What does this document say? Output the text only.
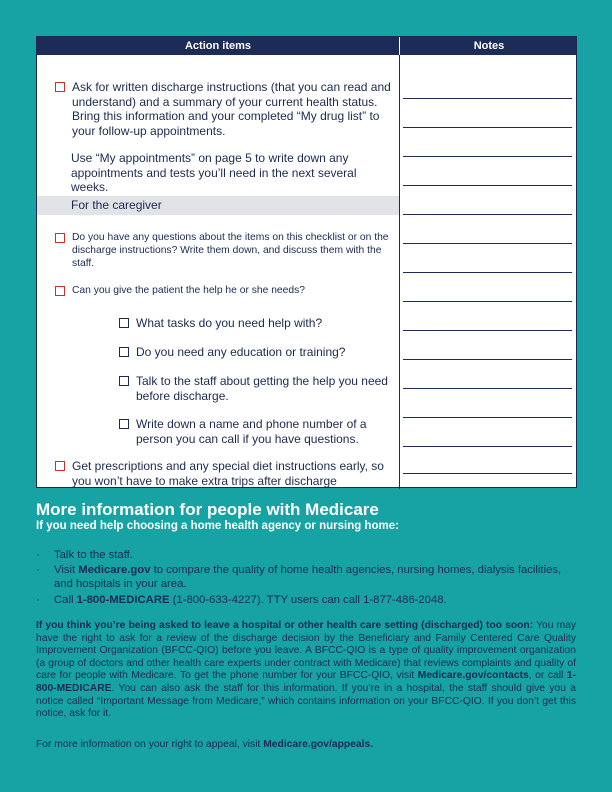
Action items	Notes
Ask for written discharge instructions (that you can read and understand) and a summary of your current health status. Bring this information and your completed “My drug list” to your follow-up appointments.
Use “My appointments” on page 5 to write down any appointments and tests you’ll need in the next several weeks.
For the caregiver
Do you have any questions about the items on this checklist or on the discharge instructions? Write them down, and discuss them with the staff.
Can you give the patient the help he or she needs?
What tasks do you need help with?
Do you need any education or training?
Talk to the staff about getting the help you need before discharge.
Write down a name and phone number of a person you can call if you have questions.
Get prescriptions and any special diet instructions early, so you won’t have to make extra trips after discharge
More information for people with Medicare
If you need help choosing a home health agency or nursing home:
· Talk to the staff.
· Visit Medicare.gov to compare the quality of home health agencies, nursing homes, dialysis facilities, and hospitals in your area.
· Call 1-800-MEDICARE (1-800-633-4227). TTY users can call 1-877-486-2048.
If you think you’re being asked to leave a hospital or other health care setting (discharged) too soon: You may have the right to ask for a review of the discharge decision by the Beneficiary and Family Centered Care Quality Improvement Organization (BFCC-QIO) before you leave. A BFCC-QIO is a type of quality improvement organization (a group of doctors and other health care experts under contract with Medicare) that reviews complaints and quality of care for people with Medicare. To get the phone number for your BFCC-QIO, visit Medicare.gov/contacts, or call 1-800-MEDICARE. You can also ask the staff for this information. If you’re in a hospital, the staff should give you a notice called “Important Message from Medicare,” which contains information on your BFCC-QIO. If you don’t get this notice, ask for it.
For more information on your right to appeal, visit Medicare.gov/appeals.
